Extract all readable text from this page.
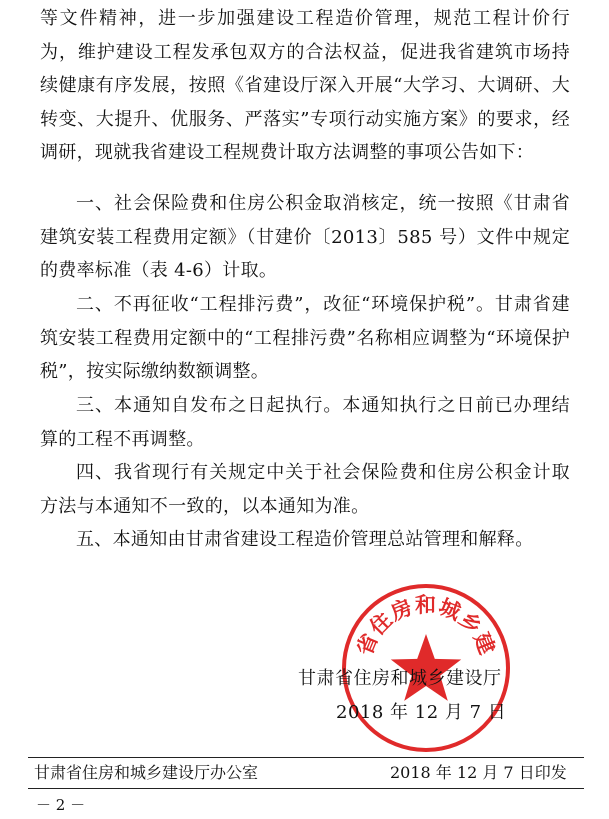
等文件精神，进一步加强建设工程造价管理，规范工程计价行为，维护建设工程发承包双方的合法权益，促进我省建筑市场持续健康有序发展，按照《省建设厅深入开展“大学习、大调研、大转变、大提升、优服务、严落实”专项行动实施方案》的要求，经调研，现就我省建设工程规费计取方法调整的事项公告如下：

一、社会保险费和住房公积金取消核定，统一按照《甘肃省建筑安装工程费用定额》（甘建价〔2013〕585 号）文件中规定的费率标准（表 4-6）计取。

二、不再征收“工程排污费”，改征“环境保护税”。甘肃省建筑安装工程费用定额中的“工程排污费”名称相应调整为“环境保护税”，按实际缴纳数额调整。

三、本通知自发布之日起执行。本通知执行之日前已办理结算的工程不再调整。

四、我省现行有关规定中关于社会保险费和住房公积金计取方法与本通知不一致的，以本通知为准。

五、本通知由甘肃省建设工程造价管理总站管理和解释。

省住房和城乡建
甘肃省住房和城乡建设厅
2018 年 12 月 7 日
甘肃省住房和城乡建设厅办公室	2018 年 12 月 7 日印发
－ 2 －
